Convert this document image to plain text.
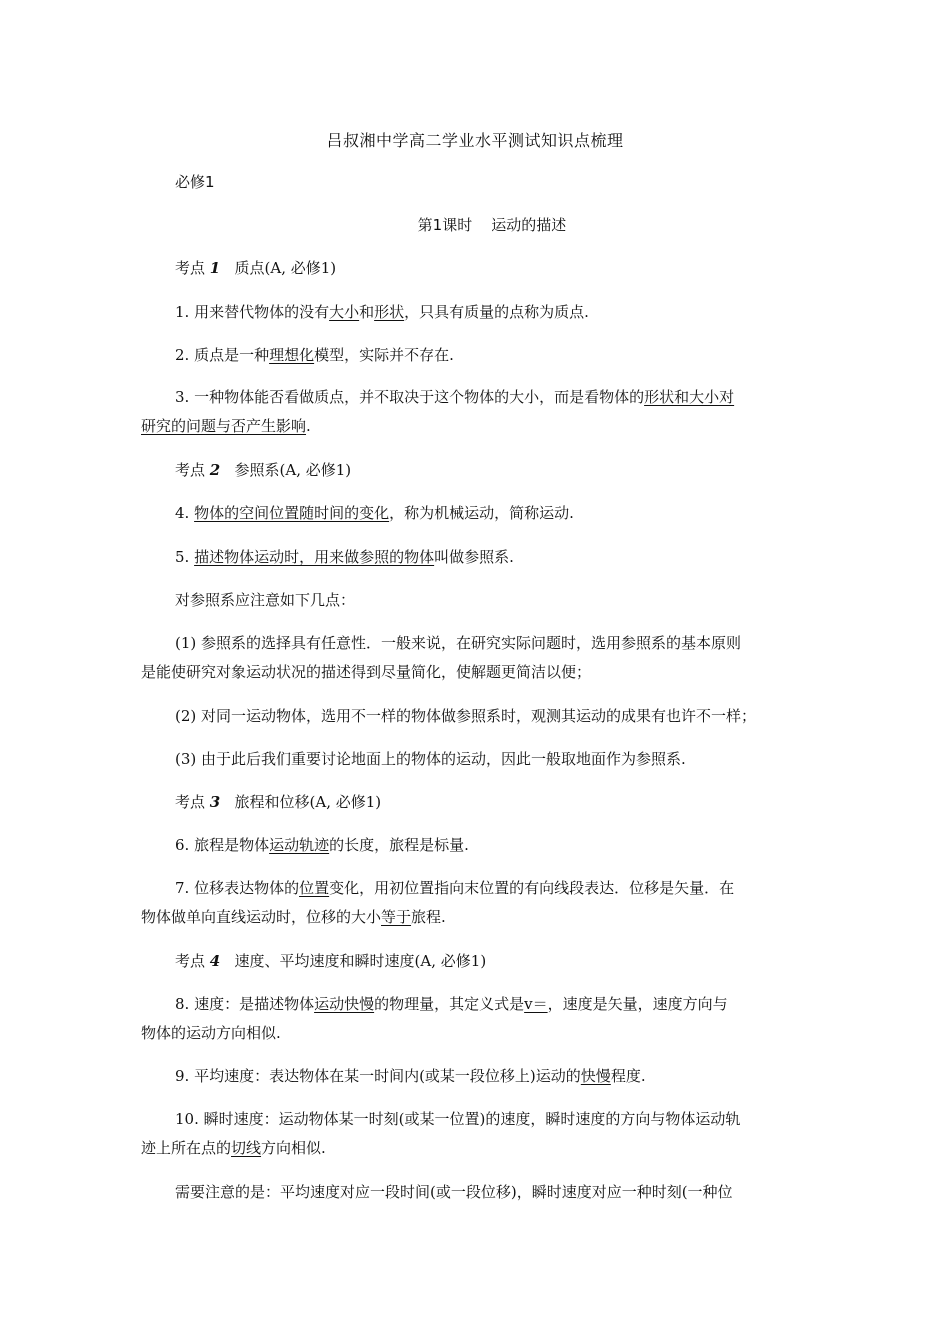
吕叔湘中学高二学业水平测试知识点梳理
必修1
第1课时 运动的描述
考点 1 质点(A, 必修1)
1. 用来替代物体的没有大小和形状，只具有质量的点称为质点.
2. 质点是一种理想化模型，实际并不存在.
3. 一种物体能否看做质点，并不取决于这个物体的大小，而是看物体的形状和大小对
研究的问题与否产生影响.
考点 2 参照系(A, 必修1)
4. 物体的空间位置随时间的变化，称为机械运动，简称运动.
5. 描述物体运动时，用来做参照的物体叫做参照系.
对参照系应注意如下几点：
(1) 参照系的选择具有任意性．一般来说，在研究实际问题时，选用参照系的基本原则
是能使研究对象运动状况的描述得到尽量简化，使解题更简洁以便；
(2) 对同一运动物体，选用不一样的物体做参照系时，观测其运动的成果有也许不一样；
(3) 由于此后我们重要讨论地面上的物体的运动，因此一般取地面作为参照系.
考点 3 旅程和位移(A, 必修1)
6. 旅程是物体运动轨迹的长度，旅程是标量.
7. 位移表达物体的位置变化，用初位置指向末位置的有向线段表达．位移是矢量．在
物体做单向直线运动时，位移的大小等于旅程.
考点 4 速度、平均速度和瞬时速度(A, 必修1)
8. 速度：是描述物体运动快慢的物理量，其定义式是v＝，速度是矢量，速度方向与
物体的运动方向相似.
9. 平均速度：表达物体在某一时间内(或某一段位移上)运动的快慢程度.
10. 瞬时速度：运动物体某一时刻(或某一位置)的速度，瞬时速度的方向与物体运动轨
迹上所在点的切线方向相似.
需要注意的是：平均速度对应一段时间(或一段位移)，瞬时速度对应一种时刻(一种位
